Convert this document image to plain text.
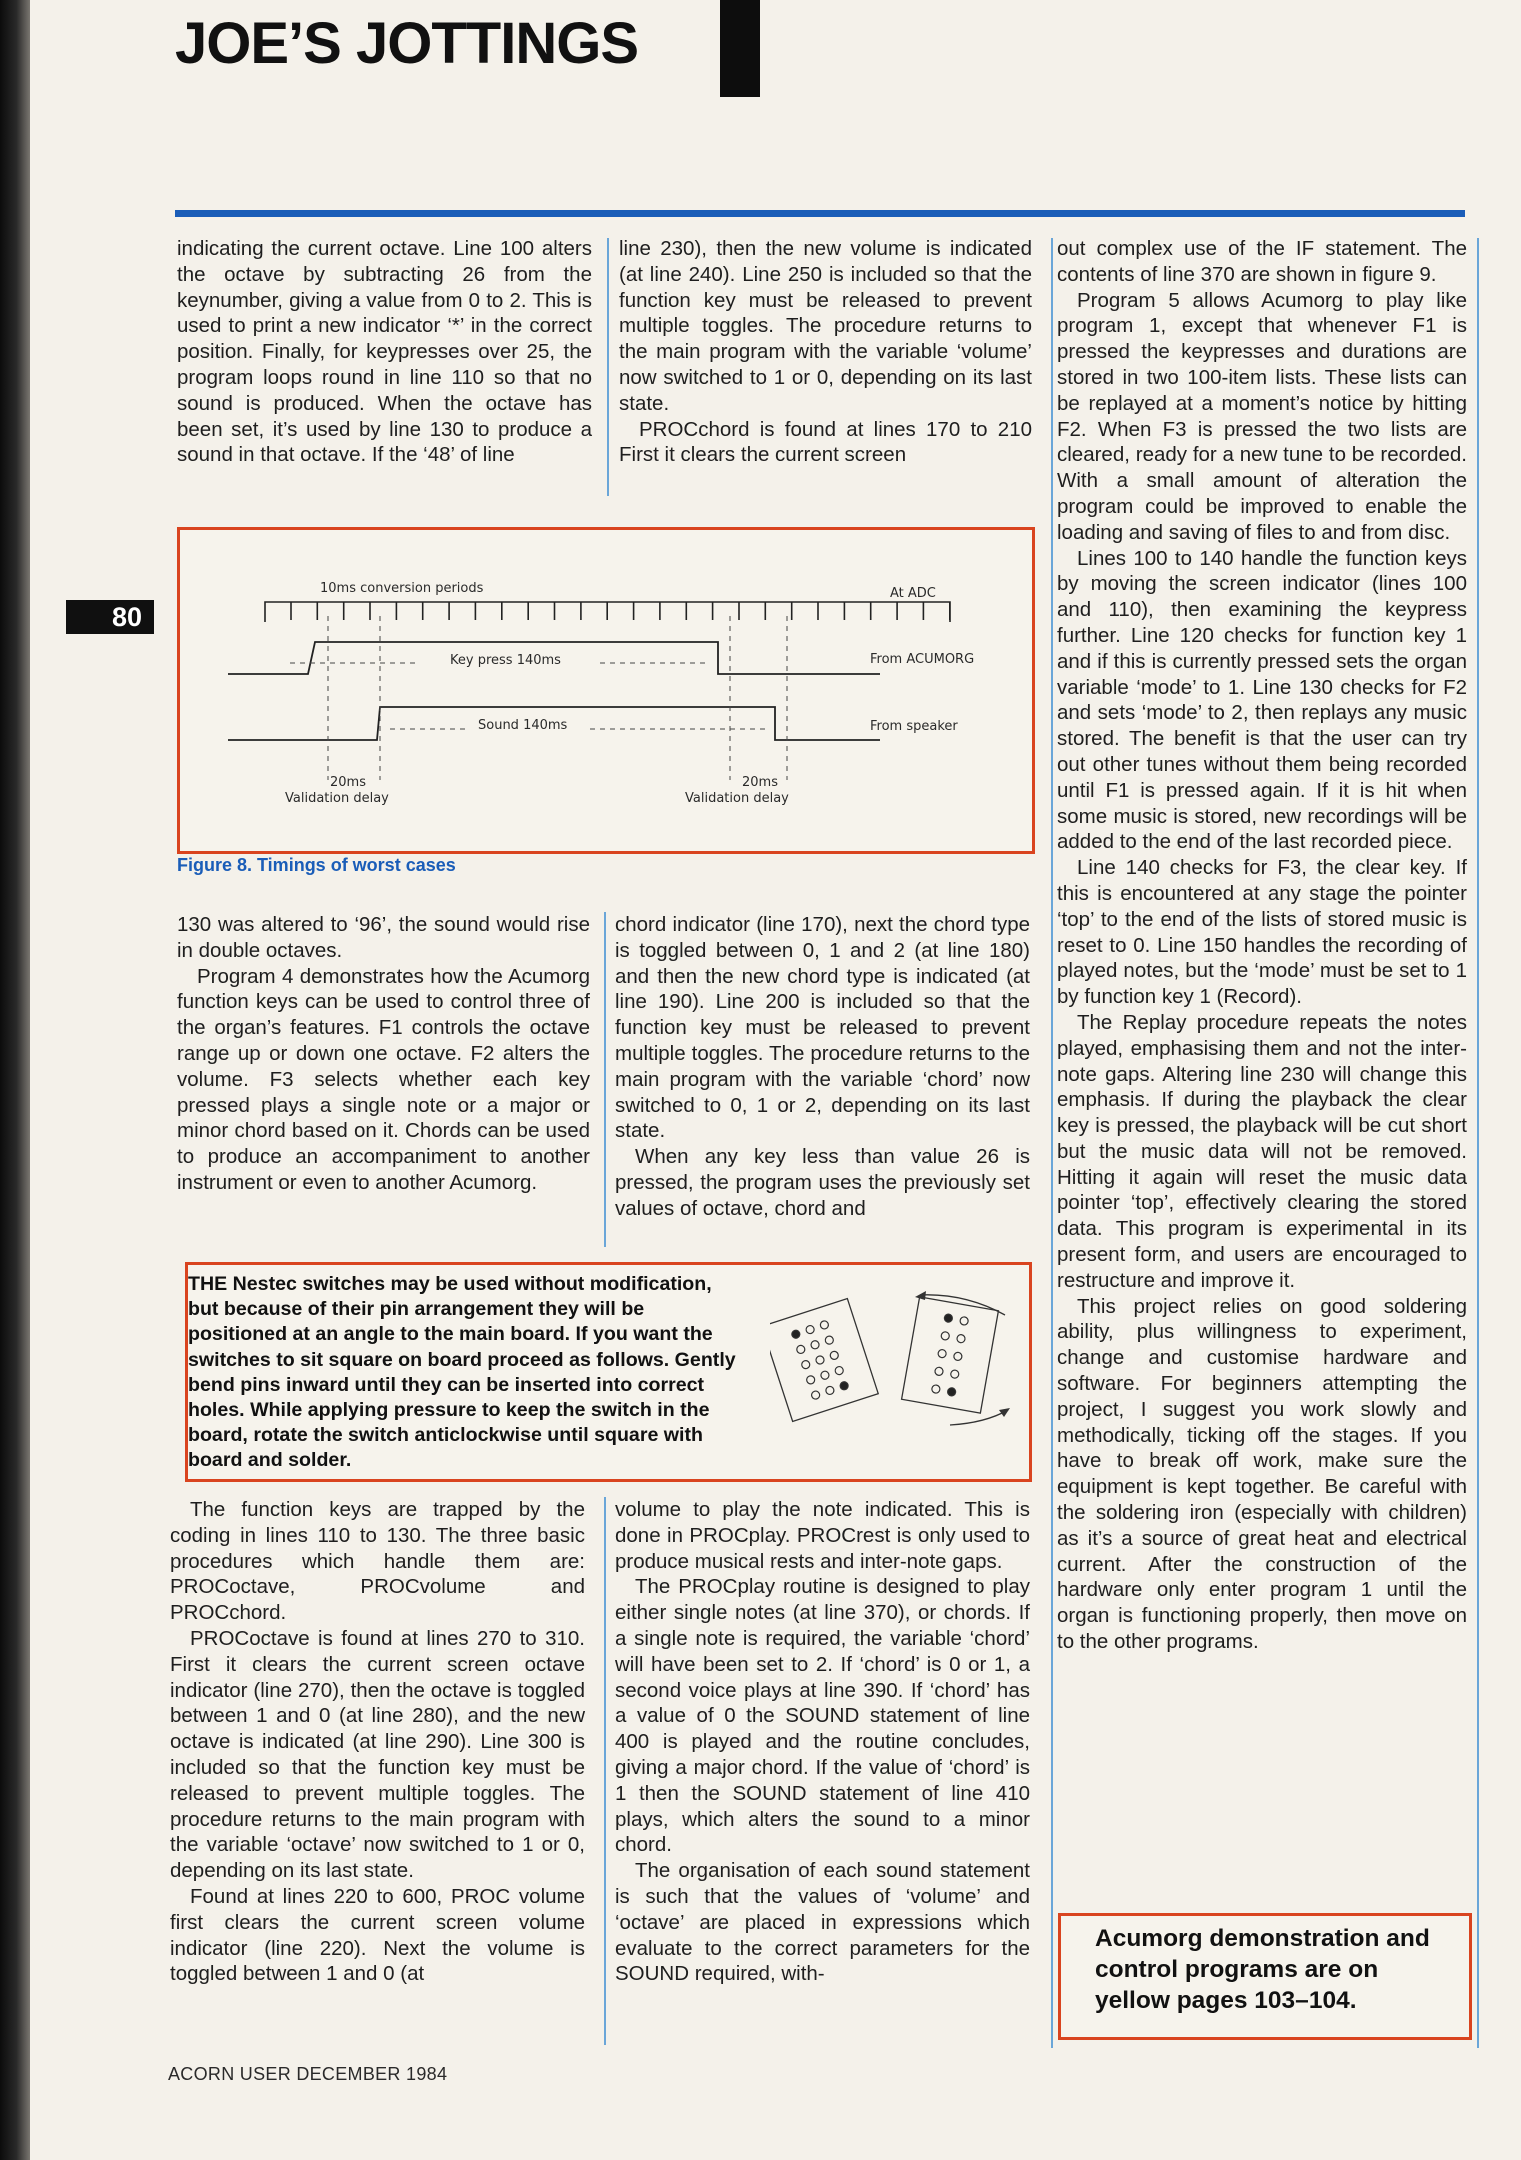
JOE’S JOTTINGS
80

indicating the current octave. Line 100 alters the octave by subtracting 26 from the keynumber, giving a value from 0 to 2. This is used to print a new indicator ‘*’ in the correct position. Finally, for keypresses over 25, the program loops round in line 110 so that no sound is produced. When the octave has been set, it’s used by line 130 to produce a sound in that octave. If the ‘48’ of line

line 230), then the new volume is indicated (at line 240). Line 250 is included so that the function key must be released to prevent multiple toggles. The procedure returns to the main program with the variable ‘volume’ now switched to 1 or 0, depending on its last state.

PROCchord is found at lines 170 to 210 First it clears the current screen

10ms conversion periods	At ADC
Key press 140ms	From ACUMORG
Sound 140ms	From speaker
20ms
Validation delay
20ms
Validation delay
Figure 8. Timings of worst cases

130 was altered to ‘96’, the sound would rise in double octaves.

Program 4 demonstrates how the Acumorg function keys can be used to control three of the organ’s features. F1 controls the octave range up or down one octave. F2 alters the volume. F3 selects whether each key pressed plays a single note or a major or minor chord based on it. Chords can be used to produce an accompaniment to another instrument or even to another Acumorg.

chord indicator (line 170), next the chord type is toggled between 0, 1 and 2 (at line 180) and then the new chord type is indicated (at line 190). Line 200 is included so that the function key must be released to prevent multiple toggles. The procedure returns to the main program with the variable ‘chord’ now switched to 0, 1 or 2, depending on its last state.

When any key less than value 26 is pressed, the program uses the previously set values of octave, chord and

THE Nestec switches may be used without modification, but because of their pin arrangement they will be positioned at an angle to the main board. If you want the switches to sit square on board proceed as follows. Gently bend pins inward until they can be inserted into correct holes. While applying pressure to keep the switch in the board, rotate the switch anticlockwise until square with board and solder.

The function keys are trapped by the coding in lines 110 to 130. The three basic procedures which handle them are: PROCoctave, PROCvolume and PROCchord.

PROCoctave is found at lines 270 to 310. First it clears the current screen octave indicator (line 270), then the octave is toggled between 1 and 0 (at line 280), and the new octave is indicated (at line 290). Line 300 is included so that the function key must be released to prevent multiple toggles. The procedure returns to the main program with the variable ‘octave’ now switched to 1 or 0, depending on its last state.

Found at lines 220 to 600, PROC volume first clears the current screen volume indicator (line 220). Next the volume is toggled between 1 and 0 (at

volume to play the note indicated. This is done in PROCplay. PROCrest is only used to produce musical rests and inter-note gaps.

The PROCplay routine is designed to play either single notes (at line 370), or chords. If a single note is required, the variable ‘chord’ will have been set to 2. If ‘chord’ is 0 or 1, a second voice plays at line 390. If ‘chord’ has a value of 0 the SOUND statement of line 400 is played and the routine concludes, giving a major chord. If the value of ‘chord’ is 1 then the SOUND statement of line 410 plays, which alters the sound to a minor chord.

The organisation of each sound statement is such that the values of ‘volume’ and ‘octave’ are placed in expressions which evaluate to the correct parameters for the SOUND required, with-

out complex use of the IF statement. The contents of line 370 are shown in figure 9.

Program 5 allows Acumorg to play like program 1, except that whenever F1 is pressed the keypresses and durations are stored in two 100-item lists. These lists can be replayed at a moment’s notice by hitting F2. When F3 is pressed the two lists are cleared, ready for a new tune to be recorded. With a small amount of alteration the program could be improved to enable the loading and saving of files to and from disc.

Lines 100 to 140 handle the function keys by moving the screen indicator (lines 100 and 110), then examining the keypress further. Line 120 checks for function key 1 and if this is currently pressed sets the organ variable ‘mode’ to 1. Line 130 checks for F2 and sets ‘mode’ to 2, then replays any music stored. The benefit is that the user can try out other tunes without them being recorded until F1 is pressed again. If it is hit when some music is stored, new recordings will be added to the end of the last recorded piece.

Line 140 checks for F3, the clear key. If this is encountered at any stage the pointer ‘top’ to the end of the lists of stored music is reset to 0. Line 150 handles the recording of played notes, but the ‘mode’ must be set to 1 by function key 1 (Record).

The Replay procedure repeats the notes played, emphasising them and not the inter-note gaps. Altering line 230 will change this emphasis. If during the playback the clear key is pressed, the playback will be cut short but the music data will not be removed. Hitting it again will reset the music data pointer ‘top’, effectively clearing the stored data. This program is experimental in its present form, and users are encouraged to restructure and improve it.

This project relies on good soldering ability, plus willingness to experiment, change and customise hardware and software. For beginners attempting the project, I suggest you work slowly and methodically, ticking off the stages. If you have to break off work, make sure the equipment is kept together. Be careful with the soldering iron (especially with children) as it’s a source of great heat and electrical current. After the construction of the hardware only enter program 1 until the organ is functioning properly, then move on to the other programs.

Acumorg demonstration and control programs are on yellow pages 103–104.
ACORN USER DECEMBER 1984
